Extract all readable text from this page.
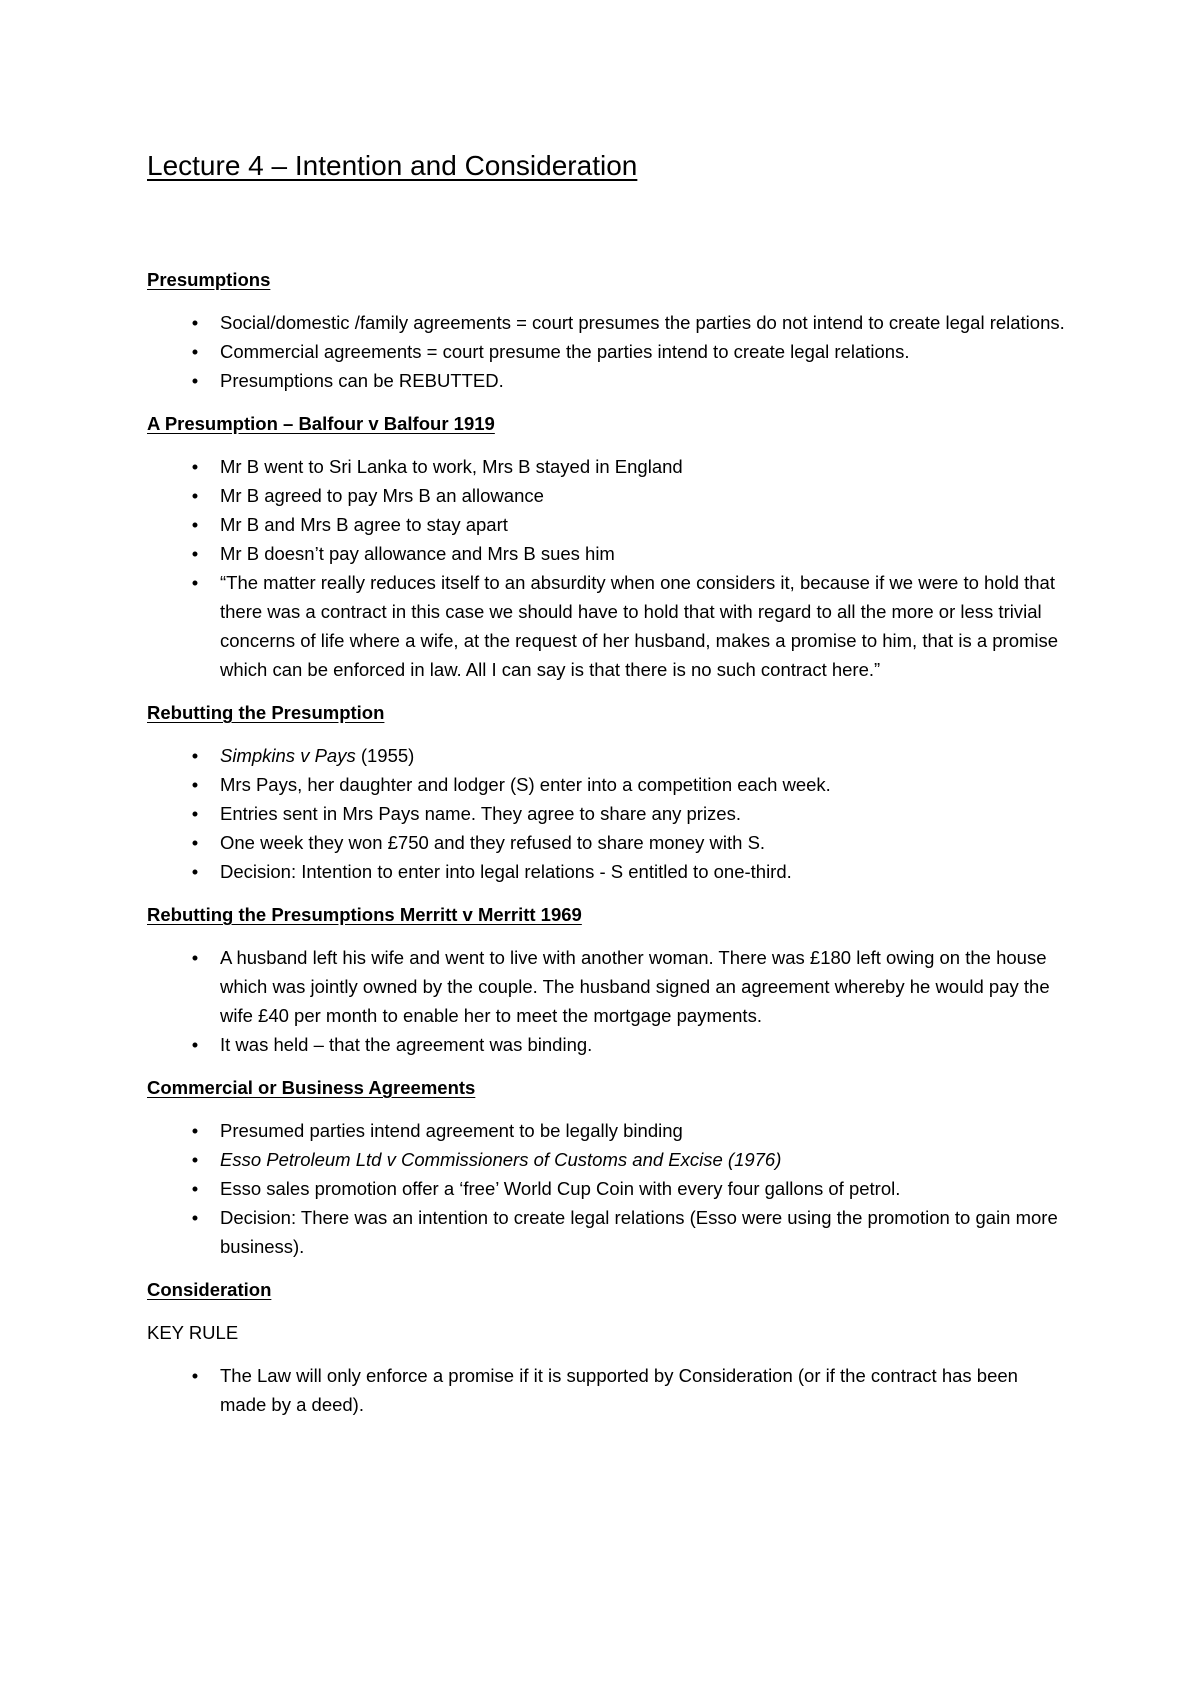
Lecture 4 – Intention and Consideration
Presumptions
•	Social/domestic /family agreements = court presumes the parties do not intend to create legal relations.
•	Commercial agreements = court presume the parties intend to create legal relations.
•	Presumptions can be REBUTTED.
A Presumption – Balfour v Balfour 1919
•	Mr B went to Sri Lanka to work, Mrs B stayed in England
•	Mr B agreed to pay Mrs B an allowance
•	Mr B and Mrs B agree to stay apart
•	Mr B doesn’t pay allowance and Mrs B sues him
•	“The matter really reduces itself to an absurdity when one considers it, because if we were to hold that there was a contract in this case we should have to hold that with regard to all the more or less trivial concerns of life where a wife, at the request of her husband, makes a promise to him, that is a promise which can be enforced in law. All I can say is that there is no such contract here.”
Rebutting the Presumption
•	Simpkins v Pays (1955)
•	Mrs Pays, her daughter and lodger (S) enter into a competition each week.
•	Entries sent in Mrs Pays name. They agree to share any prizes.
•	One week they won £750 and they refused to share money with S.
•	Decision: Intention to enter into legal relations - S entitled to one-third.
Rebutting the Presumptions Merritt v Merritt 1969
•	A husband left his wife and went to live with another woman. There was £180 left owing on the house which was jointly owned by the couple. The husband signed an agreement whereby he would pay the wife £40 per month to enable her to meet the mortgage payments.
•	It was held – that the agreement was binding.
Commercial or Business Agreements
•	Presumed parties intend agreement to be legally binding
•	Esso Petroleum Ltd v Commissioners of Customs and Excise (1976)
•	Esso sales promotion offer a ‘free’ World Cup Coin with every four gallons of petrol.
•	Decision: There was an intention to create legal relations (Esso were using the promotion to gain more business).
Consideration
KEY RULE
•	The Law will only enforce a promise if it is supported by Consideration (or if the contract has been made by a deed).
